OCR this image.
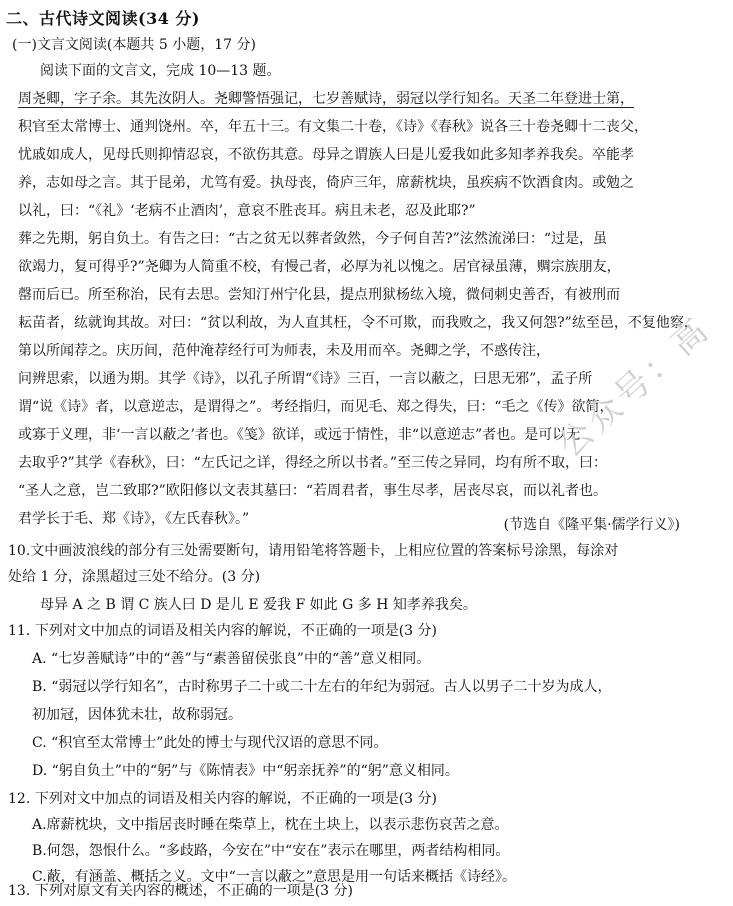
二、古代诗文阅读(34 分)
(一)文言文阅读(本题共 5 小题，17 分)
阅读下面的文言文，完成 10—13 题。
周尧卿，字子余。其先汝阴人。尧卿警悟强记，七岁善赋诗，弱冠以学行知名。天圣二年登进士第，
积官至太常博士、通判饶州。卒，年五十三。有文集二十卷，《诗》《春秋》说各三十卷尧卿十二丧父，
忧戚如成人，见母氏则抑情忍哀，不欲伤其意。母异之谓族人曰是儿爱我如此多知孝养我矣。卒能孝
养，志如母之言。其于昆弟，尤笃有爱。执母丧，倚庐三年，席薪枕块，虽疾病不饮酒食肉。或勉之
以礼，曰：“《礼》‘老病不止酒肉’，意哀不胜丧耳。病且未老，忍及此耶?”
葬之先期，躬自负土。有告之曰：“古之贫无以葬者敛然，今子何自苦?”泫然流涕曰：“过是，虽
欲竭力，复可得乎?”尧卿为人简重不校，有慢己者，必厚为礼以愧之。居官禄虽薄，赒宗族朋友，
罄而后已。所至称治，民有去思。尝知汀州宁化县，提点刑狱杨纮入境，微伺刺史善否，有被刑而
耘苗者，纮就询其故。对曰：“贫以利故，为人直其枉，令不可欺，而我败之，我又何怨?”纮至邑，不复他察，
第以所闻荐之。庆历间，范仲淹荐经行可为师表，未及用而卒。尧卿之学，不惑传注，
问辨思索，以通为期。其学《诗》，以孔子所谓“《诗》三百，一言以蔽之，曰思无邪”，孟子所
谓“说《诗》者，以意逆志，是谓得之”。考经指归，而见毛、郑之得失，曰：“毛之《传》欲简，
或寡于义理，非‘一言以蔽之’者也。《笺》欲详，或远于情性，非“以意逆志”者也。是可以无
去取乎?”其学《春秋》，曰：“左氏记之详，得经之所以书者。”至三传之异同，均有所不取，曰：
“圣人之意，岂二致耶?”欧阳修以文表其墓曰：“若周君者，事生尽孝，居丧尽哀，而以礼者也。
君学长于毛、郑《诗》，《左氏春秋》。”	(节选自《隆平集·儒学行义》)
10.文中画波浪线的部分有三处需要断句，请用铅笔将答题卡，上相应位置的答案标号涂黑，每涂对
处给 1 分，涂黑超过三处不给分。(3 分)
母异 A 之 B 谓 C 族人曰 D 是儿 E 爱我 F 如此 G 多 H 知孝养我矣。
11. 下列对文中加点的词语及相关内容的解说，不正确的一项是(3 分)
A. “七岁善赋诗”中的“善”与“素善留侯张良”中的“善”意义相同。
B. “弱冠以学行知名”，古时称男子二十或二十左右的年纪为弱冠。古人以男子二十岁为成人，
初加冠，因体犹未壮，故称弱冠。
C. “积官至太常博士”此处的博士与现代汉语的意思不同。
D. “躬自负土”中的“躬”与《陈情表》中“躬亲抚养”的“躬”意义相同。
12. 下列对文中加点的词语及相关内容的解说，不正确的一项是(3 分)
A.席薪枕块，文中指居丧时睡在柴草上，枕在土块上，以表示悲伤哀苦之意。
B.何怨，怨恨什么。“多歧路，今安在”中“安在”表示在哪里，两者结构相同。
C.蔽，有涵盖、概括之义。文中“一言以蔽之”意思是用一句话来概括《诗经》。
13. 下列对原文有关内容的概述，不正确的一项是(3 分)
公众号：高
